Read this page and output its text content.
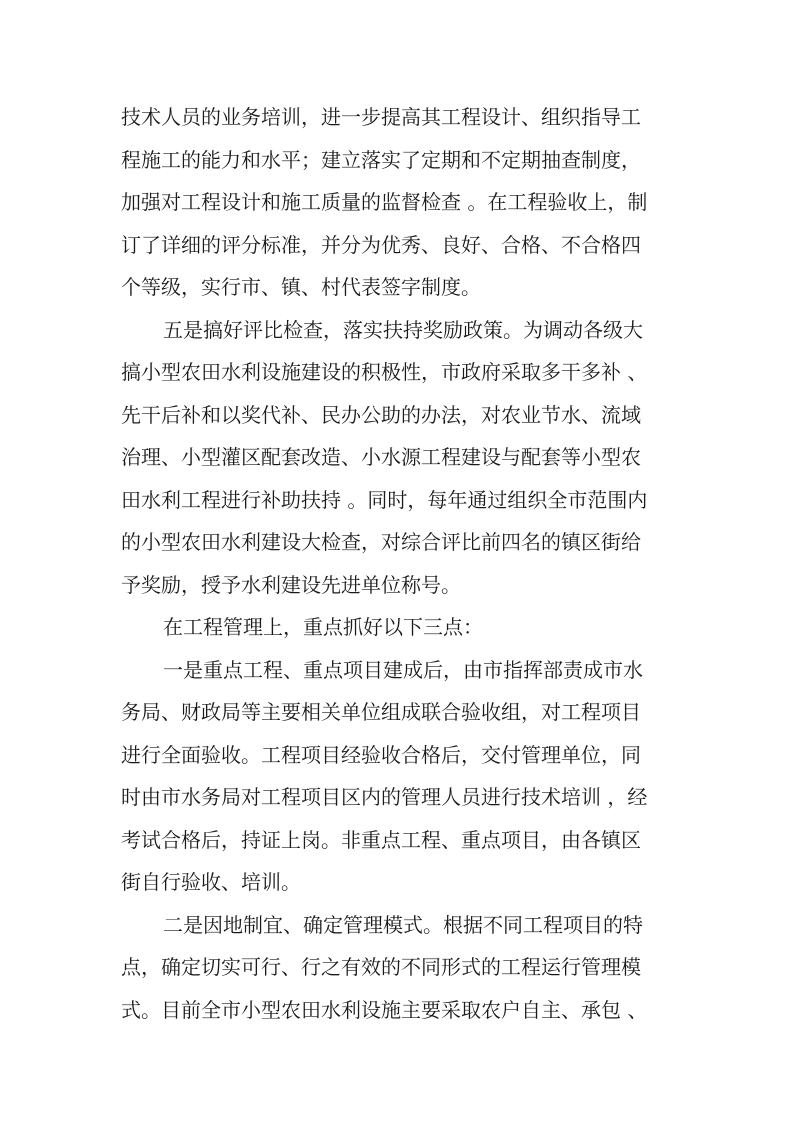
技术人员的业务培训，进一步提高其工程设计、组织指导工
程施工的能力和水平；建立落实了定期和不定期抽查制度，
加强对工程设计和施工质量的监督检查 。在工程验收上，制
订了详细的评分标准，并分为优秀、良好、合格、不合格四
个等级，实行市、镇、村代表签字制度。
五是搞好评比检查，落实扶持奖励政策。为调动各级大
搞小型农田水利设施建设的积极性，市政府采取多干多补 、
先干后补和以奖代补、民办公助的办法，对农业节水、流域
治理、小型灌区配套改造、小水源工程建设与配套等小型农
田水利工程进行补助扶持 。同时，每年通过组织全市范围内
的小型农田水利建设大检查，对综合评比前四名的镇区街给
予奖励，授予水利建设先进单位称号。
在工程管理上，重点抓好以下三点：
一是重点工程、重点项目建成后，由市指挥部责成市水
务局、财政局等主要相关单位组成联合验收组，对工程项目
进行全面验收。工程项目经验收合格后，交付管理单位，同
时由市水务局对工程项目区内的管理人员进行技术培训 ，经
考试合格后，持证上岗。非重点工程、重点项目，由各镇区
街自行验收、培训。
二是因地制宜、确定管理模式。根据不同工程项目的特
点，确定切实可行、行之有效的不同形式的工程运行管理模
式。目前全市小型农田水利设施主要采取农户自主、承包 、
